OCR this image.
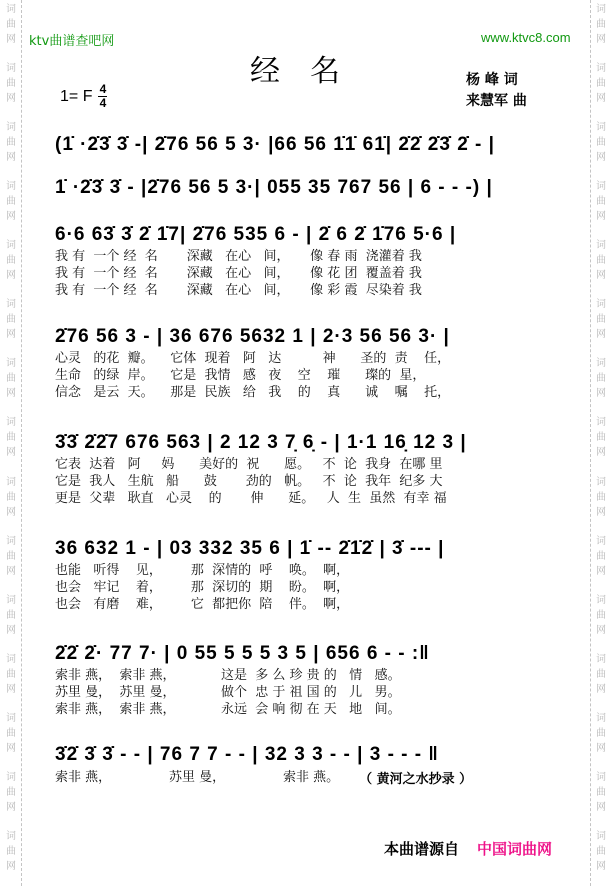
词
曲
网
词
曲
网
词
曲
网
词
曲
网
词
曲
网
词
曲
网
词
曲
网
词
曲
网
词
曲
网
词
曲
网
词
曲
网
词
曲
网
词
曲
网
词
曲
网
词
曲
网
词
曲
网
词
曲
网
词
曲
网
词
曲
网
词
曲
网
词
曲
网
词
曲
网
词
曲
网
词
曲
网
词
曲
网
词
曲
网
词
曲
网
词
曲
网
词
曲
网
词
曲
网
ktv曲谱查吧网	www.ktvc8.com
经名
1= F $\frac{4}{4}$
杨 峰 词
来慧军 曲
(1̇ ·2̇3̇ 3̇ -| 2̇76 56 5 3· |66 56 1̇1̇ 61̇| 2̇2̇ 2̇3̇ 2̇ - |
1̇ ·2̇3̇ 3̇ - |2̇76 56 5 3·| 055 35 767 56 | 6 - - -) |
6·6 63̇ 3̇ 2̇ 1̇7| 2̇76 535 6 - | 2̇ 6 2̇ 1̇76 5·6 |
我 有  一个 经  名       深藏   在心   间，     像 春 雨  浇灌着 我
我 有  一个 经  名       深藏   在心   间，     像 花 团  覆盖着 我
我 有  一个 经  名       深藏   在心   间，     像 彩 霞  尽染着 我
2̇76 56 3 - | 36 676 5632 1 | 2·3 56 56 3· |
心灵   的花  瓣。    它体  现着   阿   达          神      圣的  责    任，
生命   的绿  岸。    它是  我情   感   夜    空    璀      璨的  星，
信念   是云  天。    那是  民族   给   我    的    真      诚    嘱    托，
3̇3̇ 2̇2̇7 676 563 | 2 12 3 7̣ 6̣ - | 1·1 16̣ 12 3 |
它表  达着   阿     妈      美好的  祝      愿。   不  论  我身  在哪 里
它是  我人   生航   船      鼓       劲的   帆。   不  论  我年  纪多 大
更是  父辈   耿直   心灵    的       伸      延。   人  生  虽然  有幸 福
36 632 1 - | 03 332 35 6 | 1̇ -- 2̇1̇2̇ | 3̇ --- |
也能   听得    见，       那  深情的  呼    唤。  啊，
也会   牢记    着，       那  深切的  期    盼。  啊，
也会   有磨    难，       它  都把你  陪    伴。  啊，
2̇2̇ 2̇· 77 7· | 0 55 5 5 5 3 5 | 656 6 - - :‖
索非 燕，  索非 燕，           这是  多 么 珍 贵 的   情   感。
苏里 曼，  苏里 曼，           做个  忠 于 祖 国 的   儿   男。
索非 燕，  索非 燕，           永远  会 响 彻 在 天   地   间。
3̇2̇ 3̇ 3̇ - - | 76 7 7 - - | 32 3 3 - - | 3 - - - ‖
索非 燕，              苏里 曼，              索非 燕。 （ 黄河之水抄录 ）
本曲谱源自 中国词曲网
